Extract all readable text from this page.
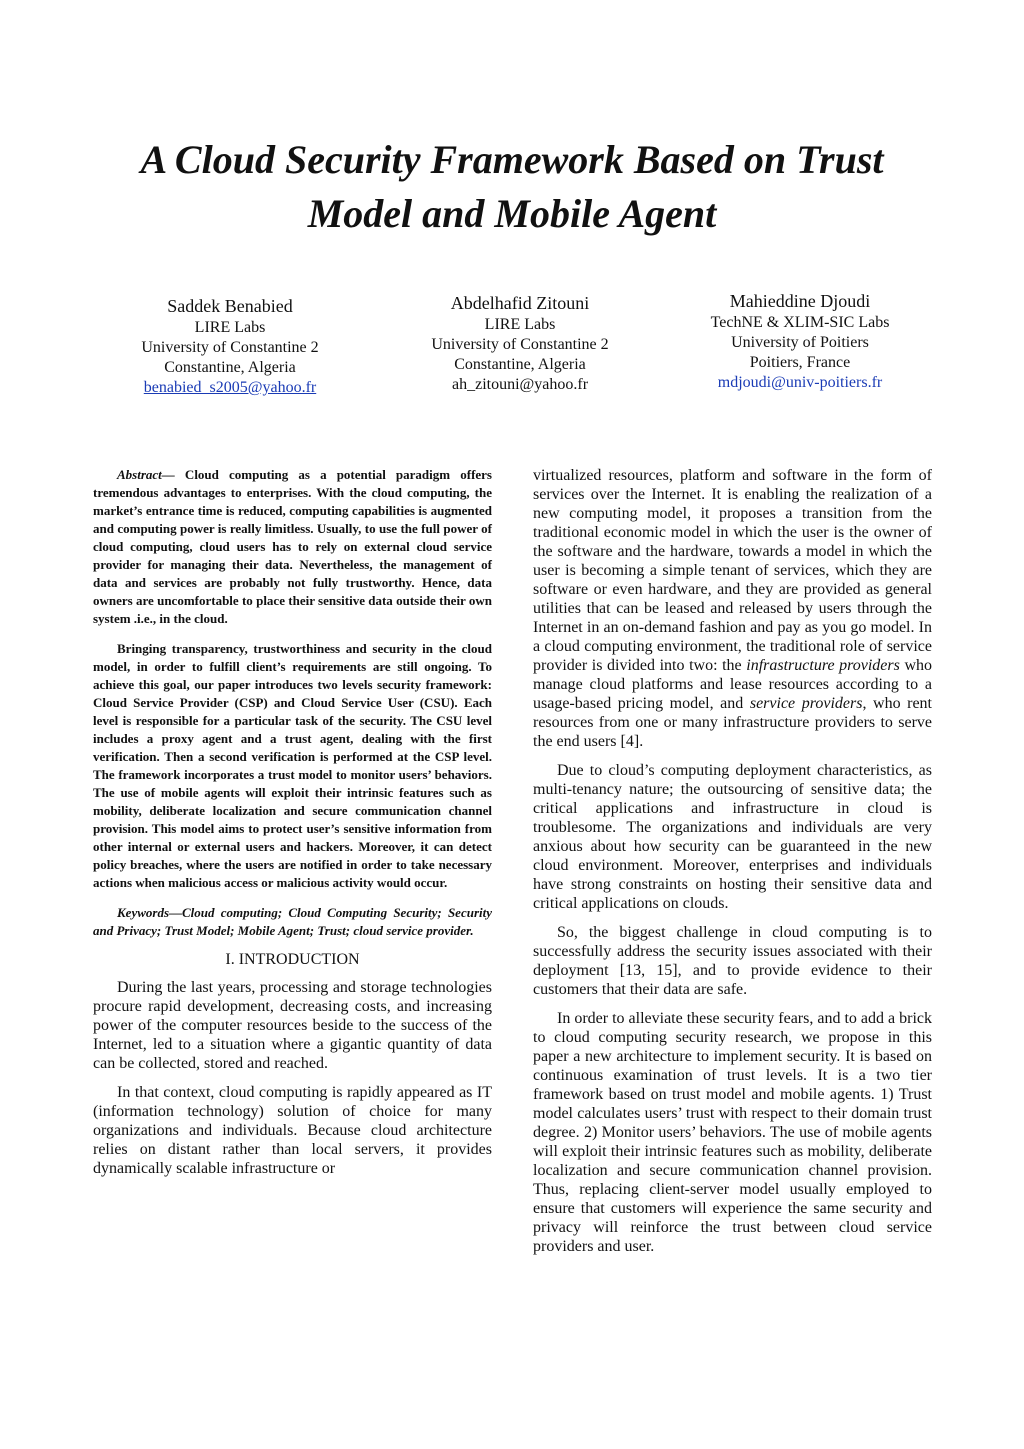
A Cloud Security Framework Based on Trust
Model and Mobile Agent
Saddek Benabied
LIRE Labs
University of Constantine 2
Constantine, Algeria
benabied_s2005@yahoo.fr
Abdelhafid Zitouni
LIRE Labs
University of Constantine 2
Constantine, Algeria
ah_zitouni@yahoo.fr
Mahieddine Djoudi
TechNE & XLIM-SIC Labs
University of Poitiers
Poitiers, France
mdjoudi@univ-poitiers.fr

Abstract— Cloud computing as a potential paradigm offers tremendous advantages to enterprises. With the cloud computing, the market’s entrance time is reduced, computing capabilities is augmented and computing power is really limitless. Usually, to use the full power of cloud computing, cloud users has to rely on external cloud service provider for managing their data. Nevertheless, the management of data and services are probably not fully trustworthy. Hence, data owners are uncomfortable to place their sensitive data outside their own system .i.e., in the cloud.

Bringing transparency, trustworthiness and security in the cloud model, in order to fulfill client’s requirements are still ongoing. To achieve this goal, our paper introduces two levels security framework: Cloud Service Provider (CSP) and Cloud Service User (CSU). Each level is responsible for a particular task of the security. The CSU level includes a proxy agent and a trust agent, dealing with the first verification. Then a second verification is performed at the CSP level. The framework incorporates a trust model to monitor users’ behaviors. The use of mobile agents will exploit their intrinsic features such as mobility, deliberate localization and secure communication channel provision. This model aims to protect user’s sensitive information from other internal or external users and hackers. Moreover, it can detect policy breaches, where the users are notified in order to take necessary actions when malicious access or malicious activity would occur.

Keywords—Cloud computing; Cloud Computing Security; Security and Privacy; Trust Model; Mobile Agent; Trust; cloud service provider.

I. INTRODUCTION

During the last years, processing and storage technologies procure rapid development, decreasing costs, and increasing power of the computer resources beside to the success of the Internet, led to a situation where a gigantic quantity of data can be collected, stored and reached.

In that context, cloud computing is rapidly appeared as IT (information technology) solution of choice for many organizations and individuals. Because cloud architecture relies on distant rather than local servers, it provides dynamically scalable infrastructure or

virtualized resources, platform and software in the form of services over the Internet. It is enabling the realization of a new computing model, it proposes a transition from the traditional economic model in which the user is the owner of the software and the hardware, towards a model in which the user is becoming a simple tenant of services, which they are software or even hardware, and they are provided as general utilities that can be leased and released by users through the Internet in an on-demand fashion and pay as you go model. In a cloud computing environment, the traditional role of service provider is divided into two: the infrastructure providers who manage cloud platforms and lease resources according to a usage-based pricing model, and service providers, who rent resources from one or many infrastructure providers to serve the end users [4].

Due to cloud’s computing deployment characteristics, as multi-tenancy nature; the outsourcing of sensitive data; the critical applications and infrastructure in cloud is troublesome. The organizations and individuals are very anxious about how security can be guaranteed in the new cloud environment. Moreover, enterprises and individuals have strong constraints on hosting their sensitive data and critical applications on clouds.

So, the biggest challenge in cloud computing is to successfully address the security issues associated with their deployment [13, 15], and to provide evidence to their customers that their data are safe.

In order to alleviate these security fears, and to add a brick to cloud computing security research, we propose in this paper a new architecture to implement security. It is based on continuous examination of trust levels. It is a two tier framework based on trust model and mobile agents. 1) Trust model calculates users’ trust with respect to their domain trust degree. 2) Monitor users’ behaviors. The use of mobile agents will exploit their intrinsic features such as mobility, deliberate localization and secure communication channel provision. Thus, replacing client-server model usually employed to ensure that customers will experience the same security and privacy will reinforce the trust between cloud service providers and user.
